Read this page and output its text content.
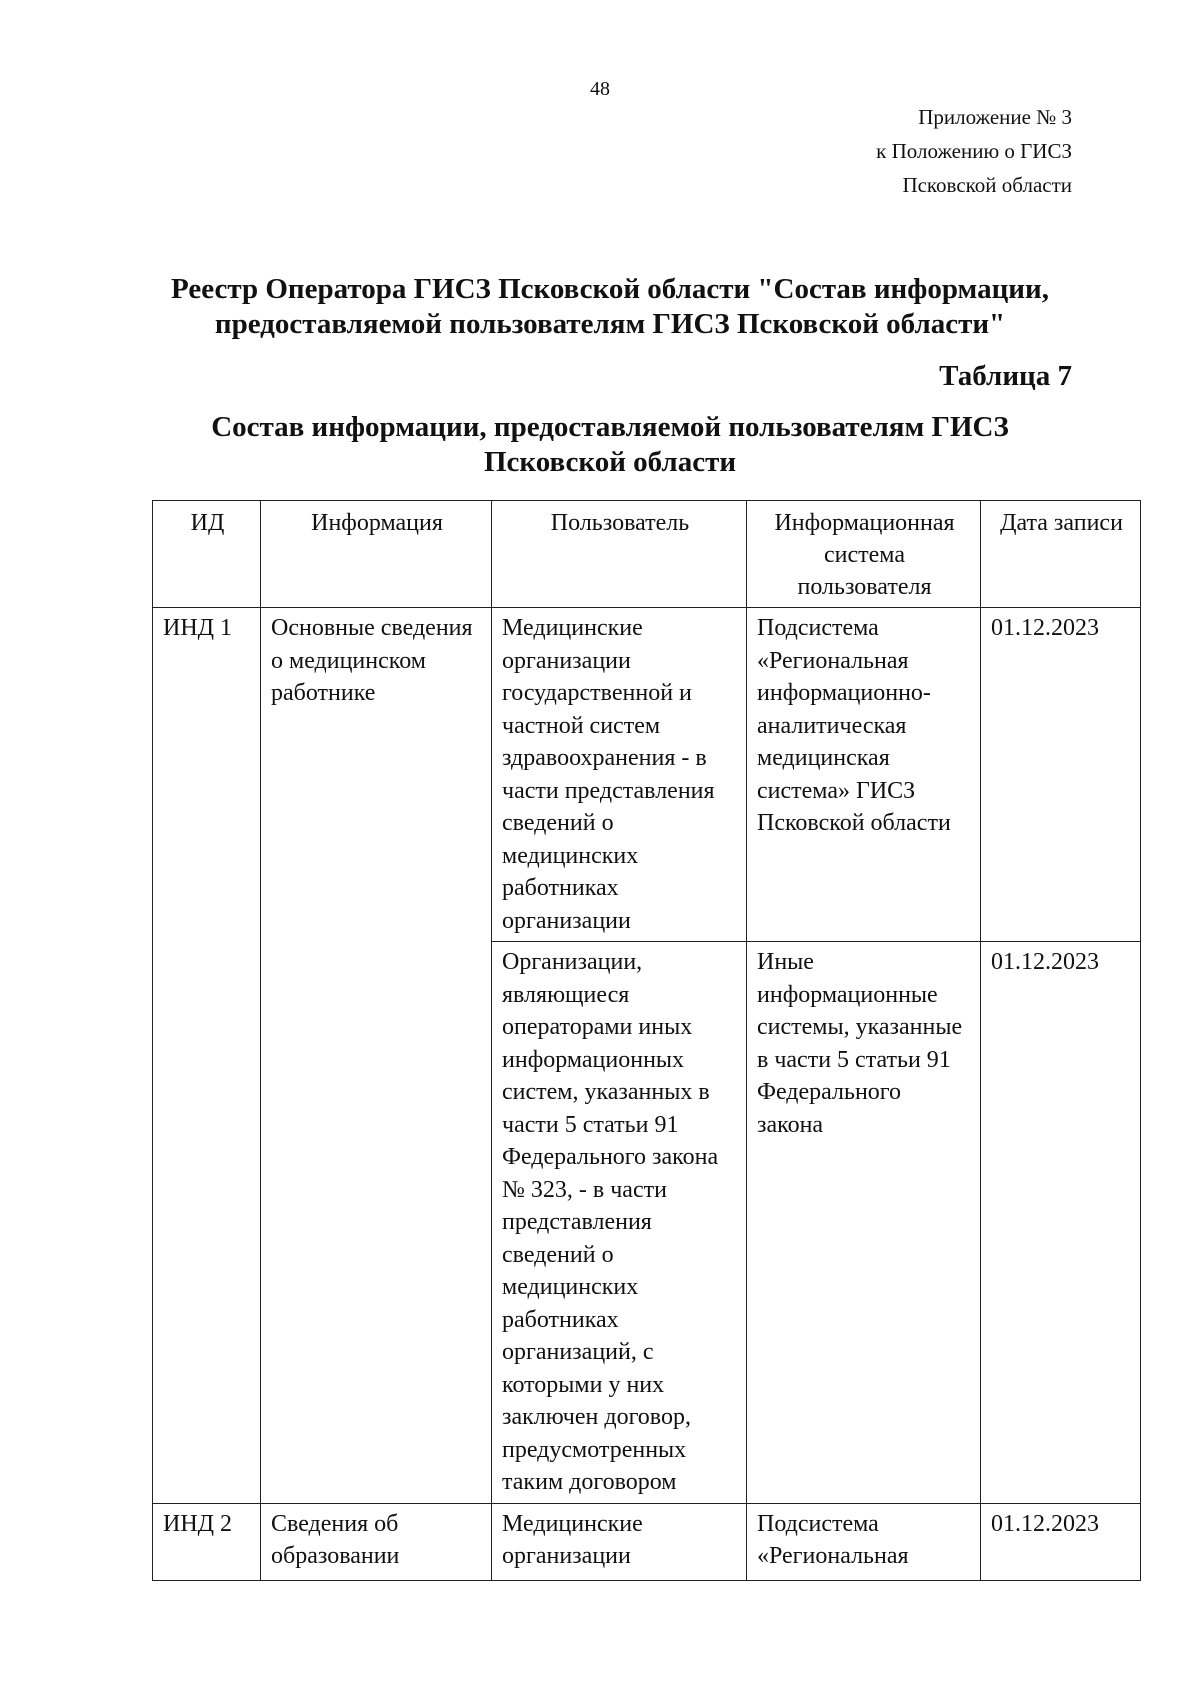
48
Приложение № 3
к Положению о ГИСЗ
Псковской области
Реестр Оператора ГИСЗ Псковской области "Состав информации, предоставляемой пользователям ГИСЗ Псковской области"
Таблица 7
Состав информации, предоставляемой пользователям ГИСЗ Псковской области
ИД	Информация	Пользователь	Информационная система пользователя	Дата записи
ИНД 1	Основные сведения о медицинском работнике	Медицинские организации государственной и частной систем здравоохранения - в части представления сведений о медицинских работниках организации	Подсистема «Региональная информационно-аналитическая медицинская система» ГИСЗ Псковской области	01.12.2023
		Организации, являющиеся операторами иных информационных систем, указанных в части 5 статьи 91 Федерального закона № 323, - в части представления сведений о медицинских работниках организаций, с которыми у них заключен договор, предусмотренных таким договором	Иные информационные системы, указанные в части 5 статьи 91 Федерального закона	01.12.2023
ИНД 2	Сведения об образовании	Медицинские организации	Подсистема «Региональная	01.12.2023
